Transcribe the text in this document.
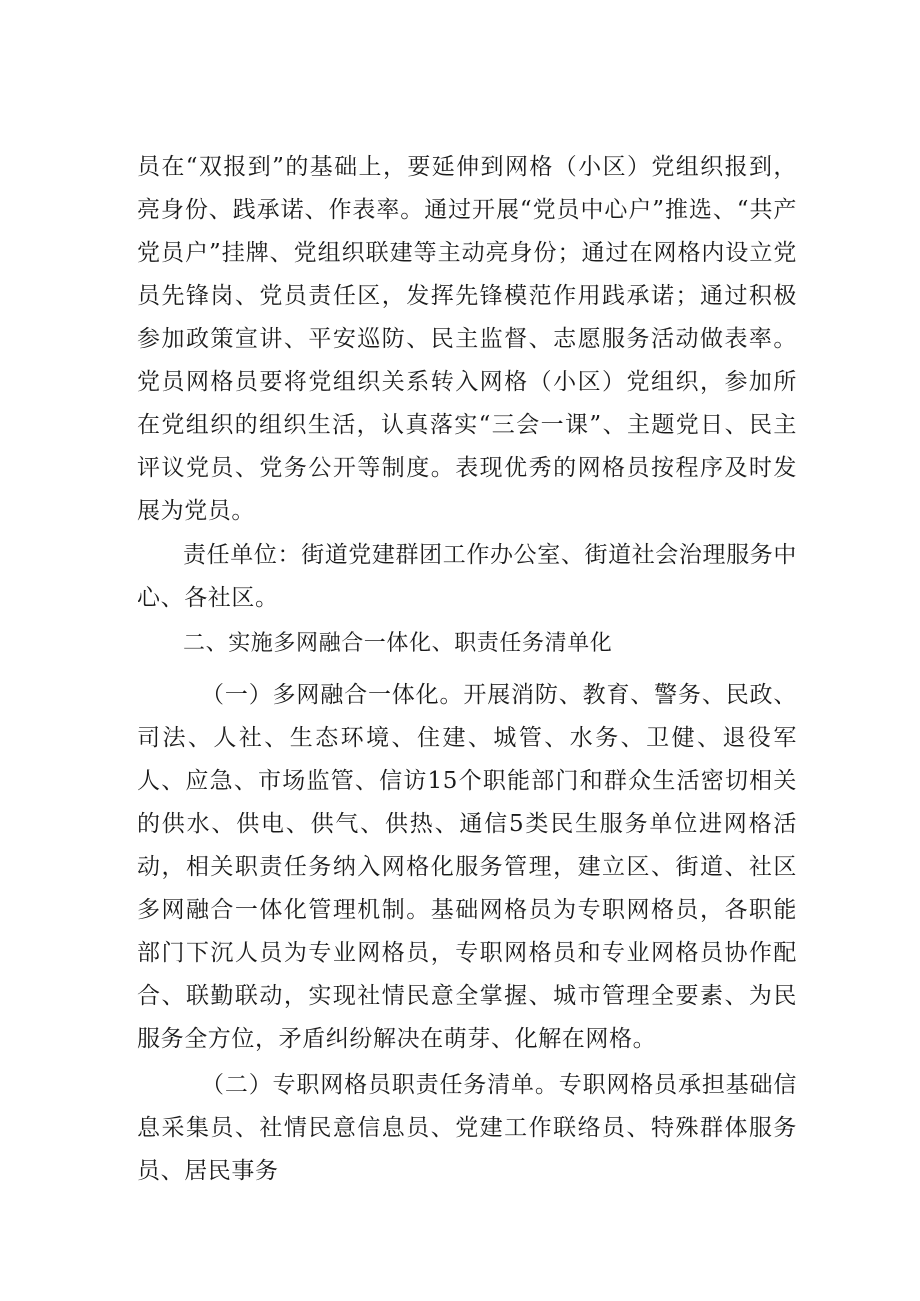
员在“双报到”的基础上，要延伸到网格（小区）党组织报到，亮身份、践承诺、作表率。通过开展“党员中心户”推选、“共产党员户”挂牌、党组织联建等主动亮身份；通过在网格内设立党员先锋岗、党员责任区，发挥先锋模范作用践承诺；通过积极参加政策宣讲、平安巡防、民主监督、志愿服务活动做表率。党员网格员要将党组织关系转入网格（小区）党组织，参加所在党组织的组织生活，认真落实“三会一课”、主题党日、民主评议党员、党务公开等制度。表现优秀的网格员按程序及时发展为党员。

责任单位：街道党建群团工作办公室、街道社会治理服务中心、各社区。

二、实施多网融合一体化、职责任务清单化

（一）多网融合一体化。开展消防、教育、警务、民政、司法、人社、生态环境、住建、城管、水务、卫健、退役军人、应急、市场监管、信访15个职能部门和群众生活密切相关的供水、供电、供气、供热、通信5类民生服务单位进网格活动，相关职责任务纳入网格化服务管理，建立区、街道、社区多网融合一体化管理机制。基础网格员为专职网格员，各职能部门下沉人员为专业网格员，专职网格员和专业网格员协作配合、联勤联动，实现社情民意全掌握、城市管理全要素、为民服务全方位，矛盾纠纷解决在萌芽、化解在网格。

（二）专职网格员职责任务清单。专职网格员承担基础信息采集员、社情民意信息员、党建工作联络员、特殊群体服务员、居民事务
